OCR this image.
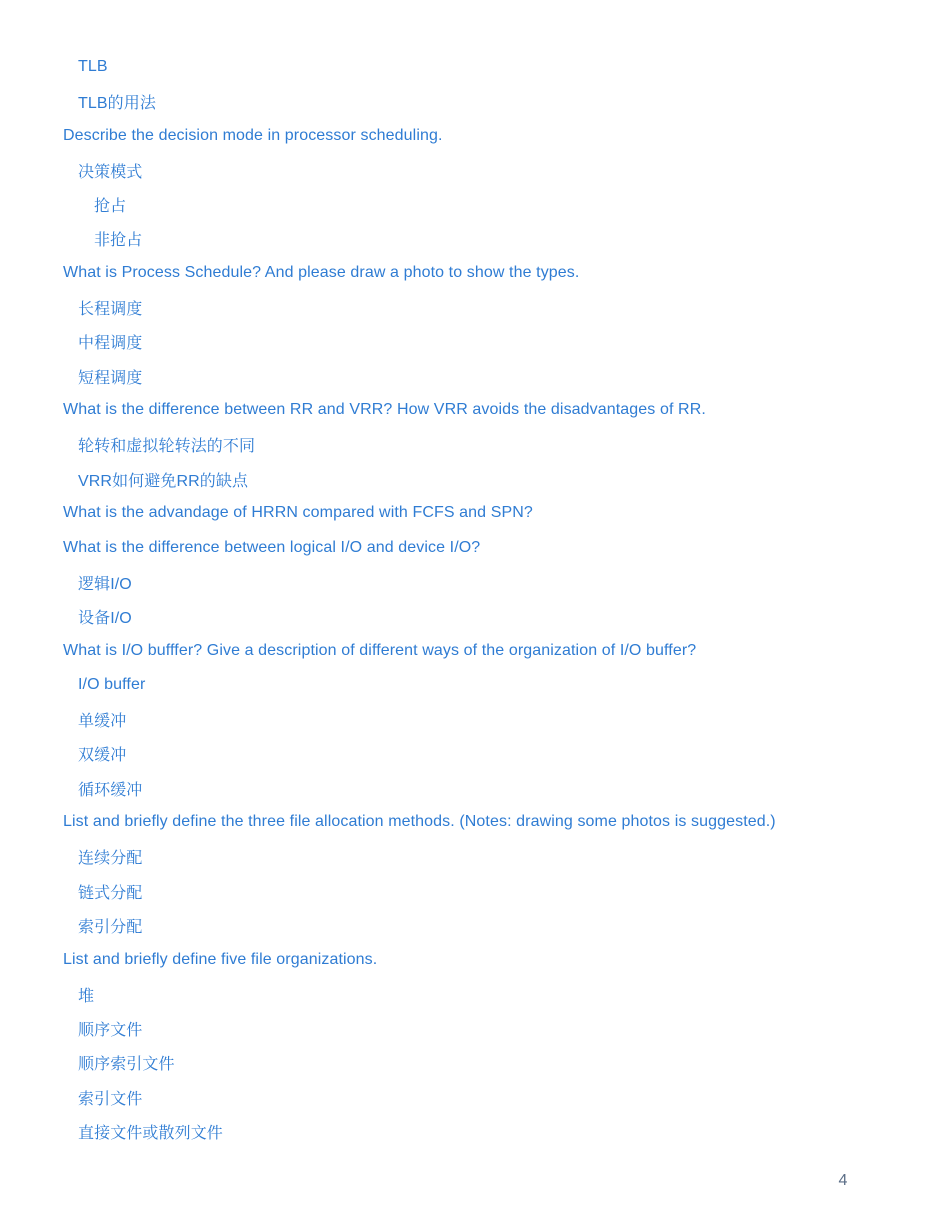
TLB
TLB的用法
Describe the decision mode in processor scheduling.
决策模式
抢占
非抢占
What is Process Schedule? And please draw a photo to show the types.
长程调度
中程调度
短程调度
What is the difference between RR and VRR? How VRR avoids the disadvantages of RR.
轮转和虚拟轮转法的不同
VRR如何避免RR的缺点
What is the advandage of HRRN compared with FCFS and SPN?
What is the difference between logical I/O and device I/O?
逻辑I/O
设备I/O
What is I/O bufffer? Give a description of different ways of the organization of I/O buffer?
I/O buffer
单缓冲
双缓冲
循环缓冲
List and briefly define the three file allocation methods. (Notes: drawing some photos is suggested.)
连续分配
链式分配
索引分配
List and briefly define five file organizations.
堆
顺序文件
顺序索引文件
索引文件
直接文件或散列文件
4
